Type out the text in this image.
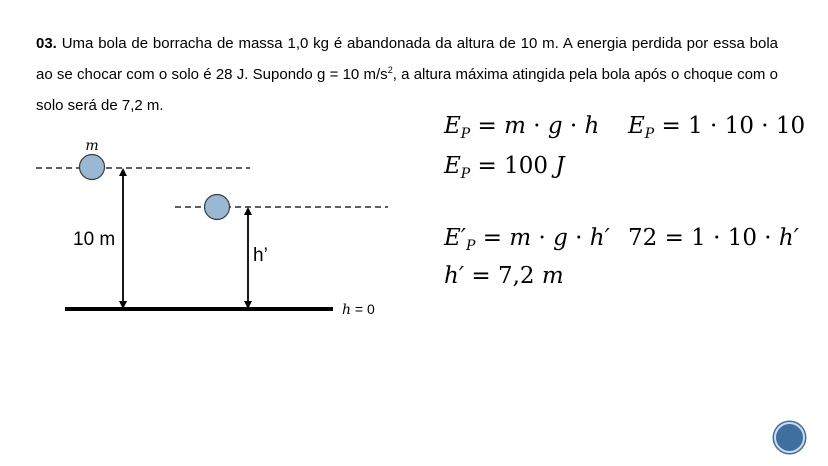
03. Uma bola de borracha de massa 1,0 kg é abandonada da altura de 10 m. A energia perdida por essa bola ao se chocar com o solo é 28 J. Supondo g = 10 $m/s^2$, a altura máxima atingida pela bola após o choque com o solo será de 7,2 m.
m
10 m
h’
h = 0
$E_P = m \cdot g \cdot h$ $E_P = 1 \cdot 10 \cdot 10$
$E_P = 100$ J
$E'_P = m \cdot g \cdot h'$ 72 = 1 · 10 · h′
h′ = 7,2 m
